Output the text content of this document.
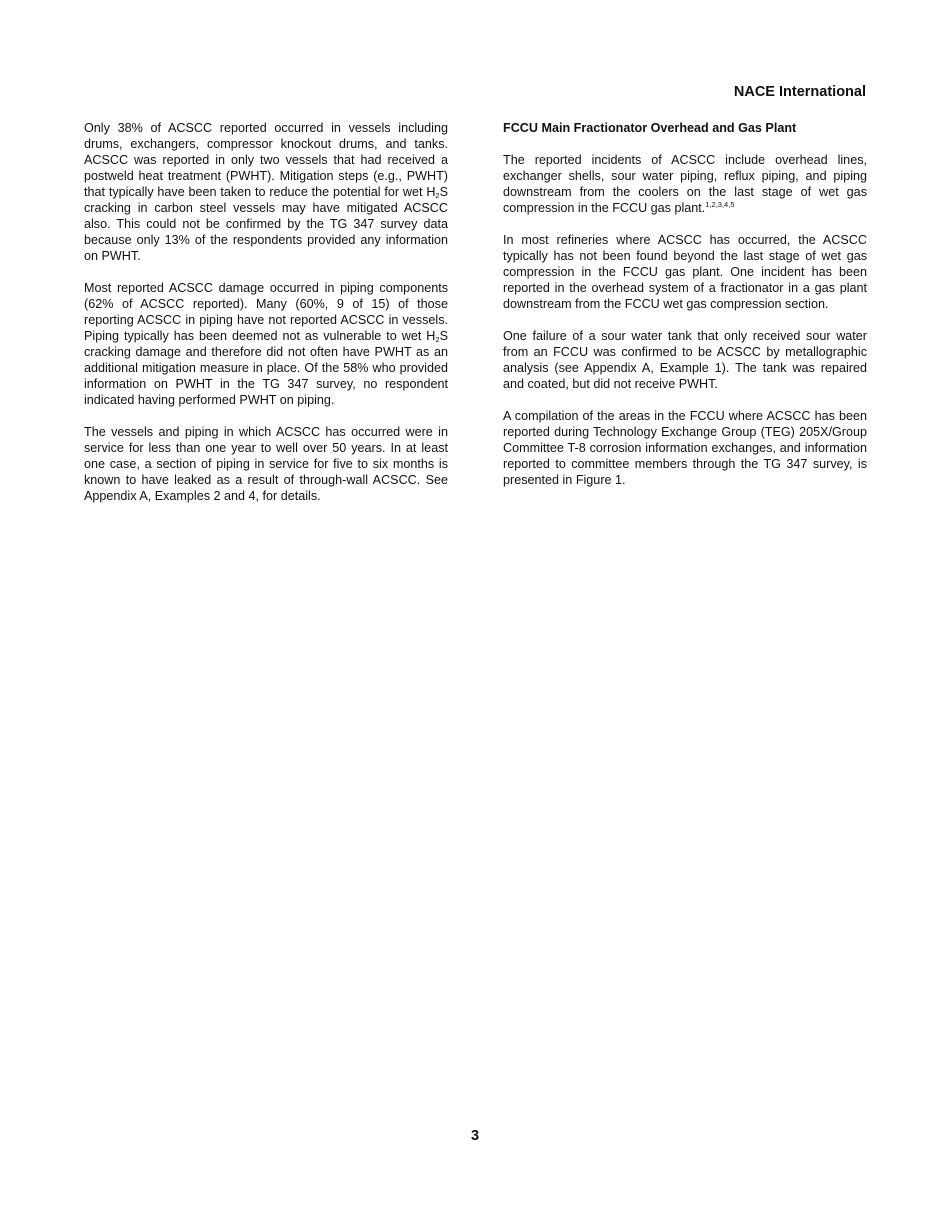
NACE International

Only 38% of ACSCC reported occurred in vessels including drums, exchangers, compressor knockout drums, and tanks. ACSCC was reported in only two vessels that had received a postweld heat treatment (PWHT). Mitigation steps (e.g., PWHT) that typically have been taken to reduce the potential for wet $H_2S$ cracking in carbon steel vessels may have mitigated ACSCC also. This could not be confirmed by the TG 347 survey data because only 13% of the respondents provided any information on PWHT.

Most reported ACSCC damage occurred in piping components (62% of ACSCC reported). Many (60%, 9 of 15) of those reporting ACSCC in piping have not reported ACSCC in vessels. Piping typically has been deemed not as vulnerable to wet $H_2S$ cracking damage and therefore did not often have PWHT as an additional mitigation measure in place. Of the 58% who provided information on PWHT in the TG 347 survey, no respondent indicated having performed PWHT on piping.

The vessels and piping in which ACSCC has occurred were in service for less than one year to well over 50 years. In at least one case, a section of piping in service for five to six months is known to have leaked as a result of through-wall ACSCC. See Appendix A, Examples 2 and 4, for details.

FCCU Main Fractionator Overhead and Gas Plant

The reported incidents of ACSCC include overhead lines, exchanger shells, sour water piping, reflux piping, and piping downstream from the coolers on the last stage of wet gas compression in the FCCU gas plant.$^{1,2,3,4,5}$

In most refineries where ACSCC has occurred, the ACSCC typically has not been found beyond the last stage of wet gas compression in the FCCU gas plant. One incident has been reported in the overhead system of a fractionator in a gas plant downstream from the FCCU wet gas compression section.

One failure of a sour water tank that only received sour water from an FCCU was confirmed to be ACSCC by metallographic analysis (see Appendix A, Example 1). The tank was repaired and coated, but did not receive PWHT.

A compilation of the areas in the FCCU where ACSCC has been reported during Technology Exchange Group (TEG) 205X/Group Committee T-8 corrosion information exchanges, and information reported to committee members through the TG 347 survey, is presented in Figure 1.

3
